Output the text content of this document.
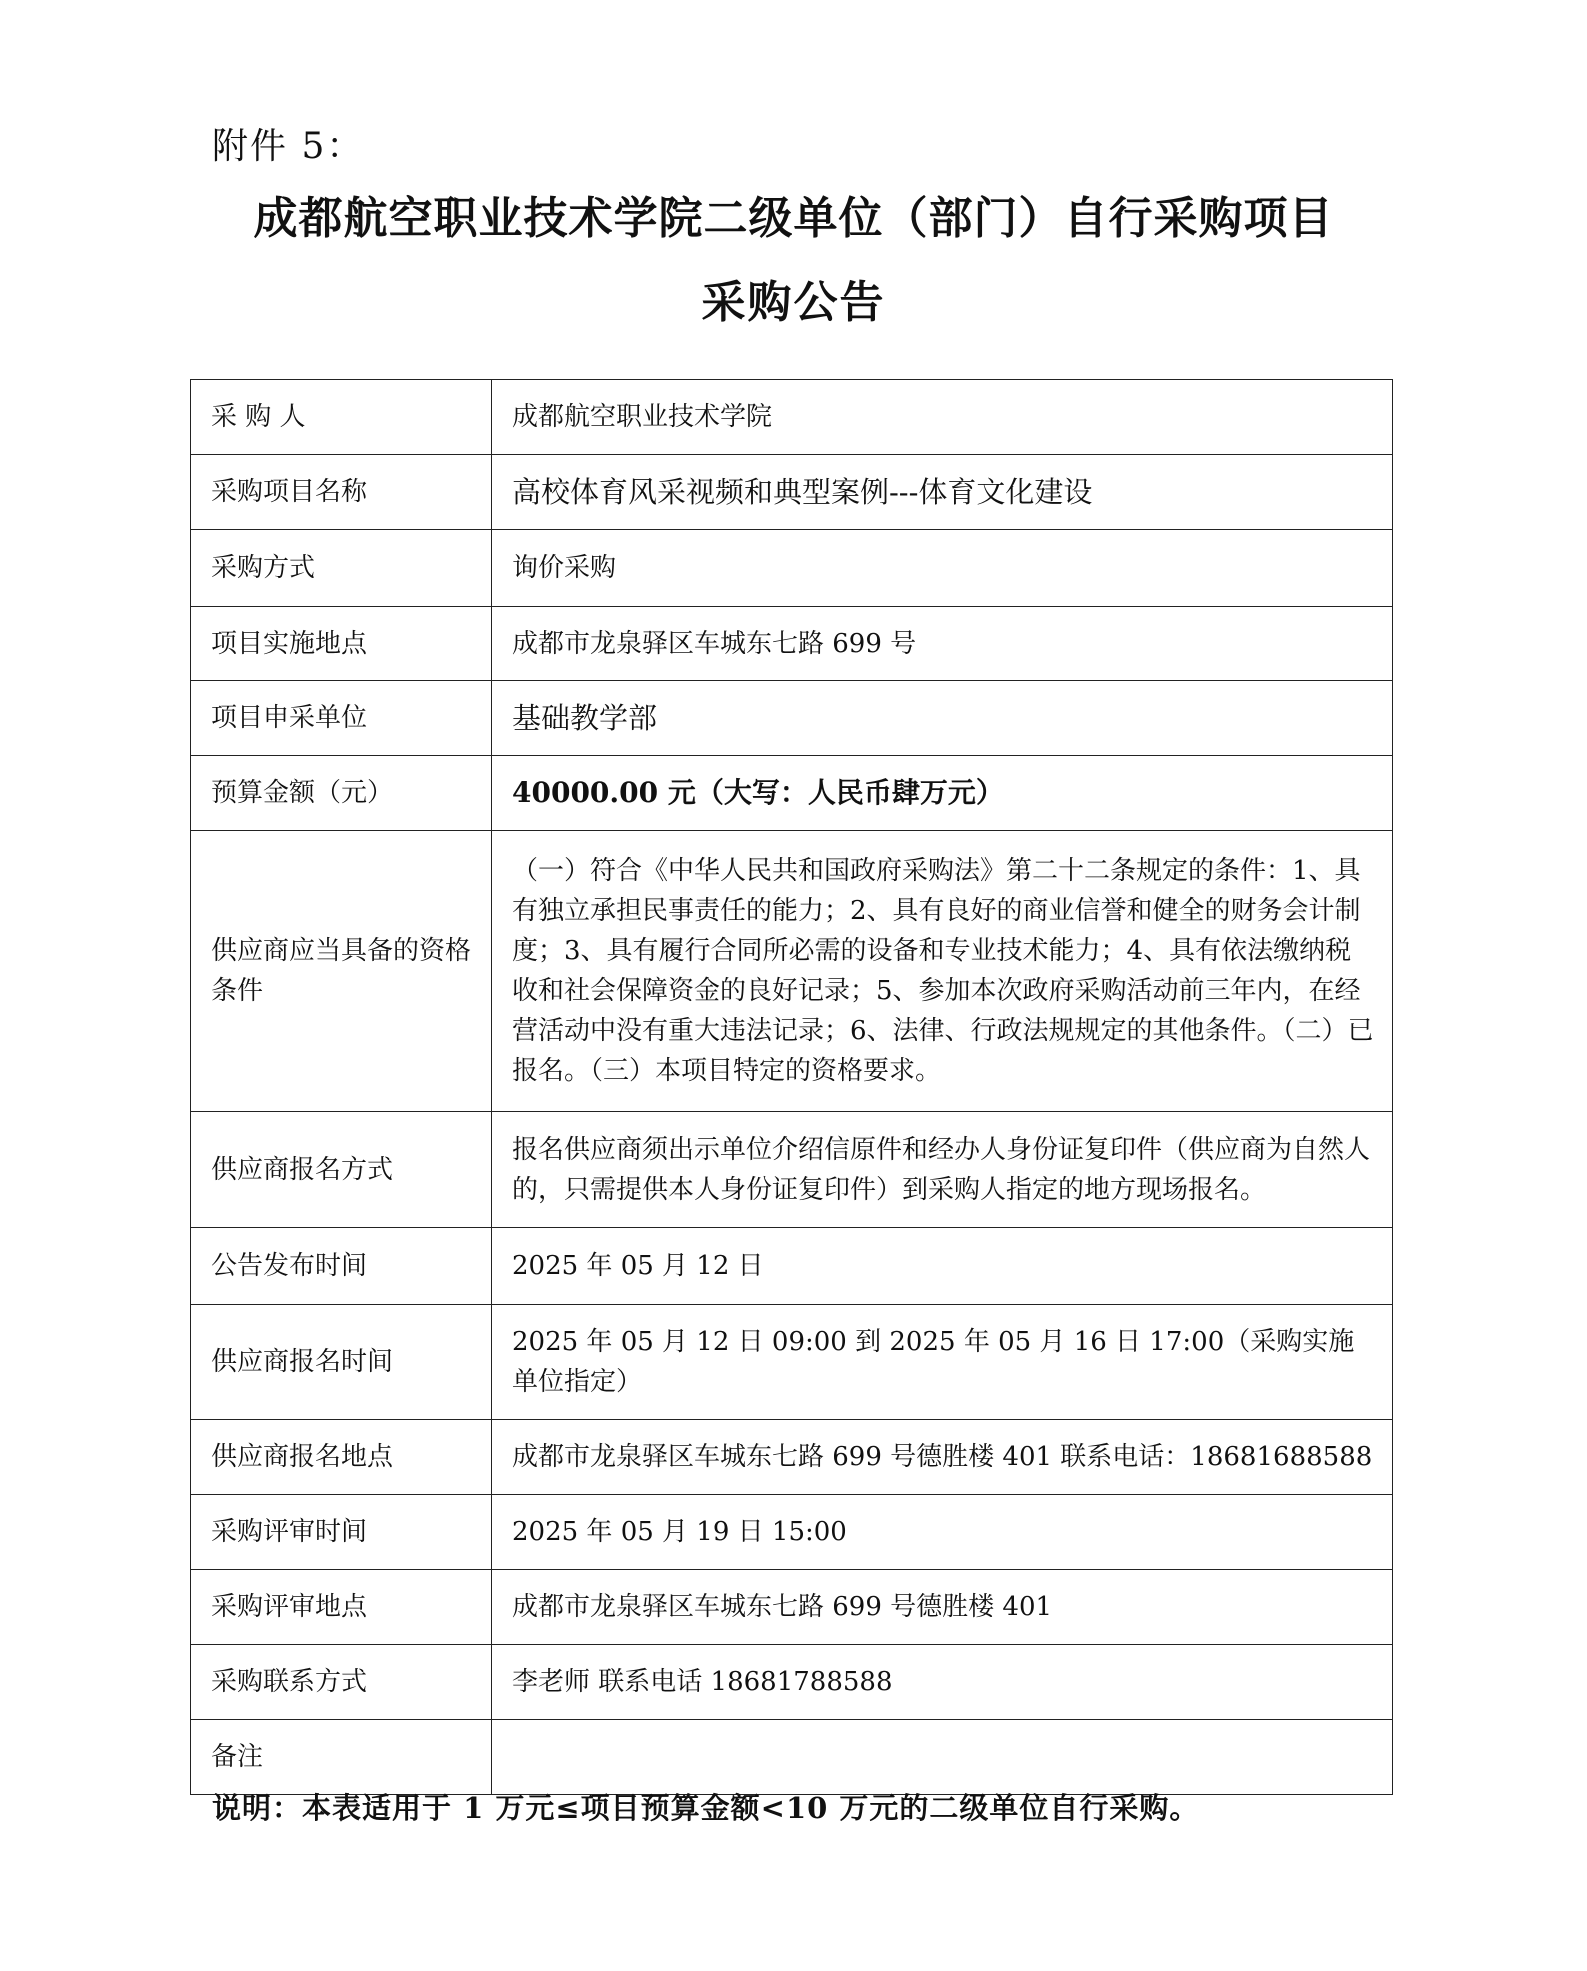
附件 5：
成都航空职业技术学院二级单位（部门）自行采购项目
采购公告
采 购 人	成都航空职业技术学院
采购项目名称	高校体育风采视频和典型案例---体育文化建设
采购方式	询价采购
项目实施地点	成都市龙泉驿区车城东七路 699 号
项目申采单位	基础教学部
预算金额（元）	40000.00 元（大写：人民币肆万元）
供应商应当具备的资格条件	（一）符合《中华人民共和国政府采购法》第二十二条规定的条件：1、具有独立承担民事责任的能力；2、具有良好的商业信誉和健全的财务会计制度；3、具有履行合同所必需的设备和专业技术能力；4、具有依法缴纳税收和社会保障资金的良好记录；5、参加本次政府采购活动前三年内，在经营活动中没有重大违法记录；6、法律、行政法规规定的其他条件。（二）已报名。（三）本项目特定的资格要求。
供应商报名方式	报名供应商须出示单位介绍信原件和经办人身份证复印件（供应商为自然人的，只需提供本人身份证复印件）到采购人指定的地方现场报名。
公告发布时间	2025 年 05 月 12 日
供应商报名时间	2025 年 05 月 12 日 09:00 到 2025 年 05 月 16 日 17:00（采购实施单位指定）
供应商报名地点	成都市龙泉驿区车城东七路 699 号德胜楼 401 联系电话：18681688588
采购评审时间	2025 年 05 月 19 日 15:00
采购评审地点	成都市龙泉驿区车城东七路 699 号德胜楼 401
采购联系方式	李老师 联系电话 18681788588
备注	
说明：本表适用于 1 万元≤项目预算金额<10 万元的二级单位自行采购。
